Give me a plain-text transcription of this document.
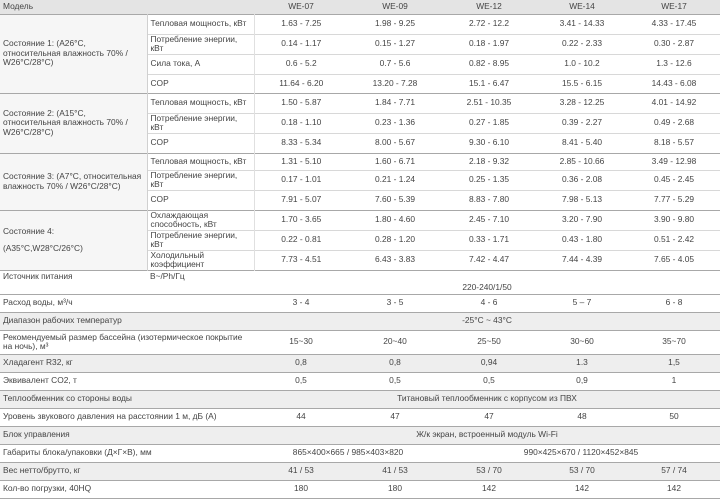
Модель		WE-07	WE-09	WE-12	WE-14	WE-17
Состояние 1: (A26°C, относительная влажность 70% / W26°C/28°C)	Тепловая мощность, кВт	1.63 - 7.25	1.98 - 9.25	2.72 - 12.2	3.41 - 14.33	4.33 - 17.45
	Потребление энергии, кВт	0.14 - 1.17	0.15 - 1.27	0.18 - 1.97	0.22 - 2.33	0.30 - 2.87
	Сила тока, А	0.6 - 5.2	0.7 - 5.6	0.82 - 8.95	1.0 - 10.2	1.3 - 12.6
	COP	11.64 - 6.20	13.20 - 7.28	15.1 - 6.47	15.5 - 6.15	14.43 - 6.08
Состояние 2: (A15°C, относительная влажность 70% / W26°C/28°C)	Тепловая мощность, кВт	1.50 - 5.87	1.84 - 7.71	2.51 - 10.35	3.28 - 12.25	4.01 - 14.92
	Потребление энергии, кВт	0.18 - 1.10	0.23 - 1.36	0.27 - 1.85	0.39 - 2.27	0.49 - 2.68
	COP	8.33 - 5.34	8.00 - 5.67	9.30 - 6.10	8.41 - 5.40	8.18 - 5.57
Состояние 3: (A7°C, относительная влажность 70% / W26°C/28°C)	Тепловая мощность, кВт	1.31 - 5.10	1.60 - 6.71	2.18 - 9.32	2.85 - 10.66	3.49 - 12.98
	Потребление энергии, кВт	0.17 - 1.01	0.21 - 1.24	0.25 - 1.35	0.36 - 2.08	0.45 - 2.45
	COP	7.91 - 5.07	7.60 - 5.39	8.83 - 7.80	7.98 - 5.13	7.77 - 5.29

Состояние 4:
(A35°C,W28°C/26°C)	Охлаждающая способность, кВт	1.70 - 3.65	1.80 - 4.60	2.45 - 7.10	3.20 - 7.90	3.90 - 9.80
	Потребление энергии, кВт	0.22 - 0.81	0.28 - 1.20	0.33 - 1.71	0.43 - 1.80	0.51 - 2.42
	Холодильный коэффициент	7.73 - 4.51	6.43 - 3.83	7.42 - 4.47	7.44 - 4.39	7.65 - 4.05
Источник питания	В~/Ph/Гц					
		220-240/1/50				
Расход воды, м³/ч		3 - 4	3 - 5	4 - 6	5 – 7	6 - 8
Диапазон рабочих температур		-25°C ~ 43°C				
Рекомендуемый размер бассейна (изотермическое покрытие на ночь), м³		15~30	20~40	25~50	30~60	35~70
Хладагент R32, кг		0,8	0,8	0,94	1.3	1,5
Эквивалент CO2, т		0,5	0,5	0,5	0,9	1
Теплообменник со стороны воды		Титановый теплообменник с корпусом из ПВХ				
Уровень звукового давления на расстоянии 1 м, дБ (А)		44	47	47	48	50
Блок управления		Ж/к экран, встроенный модуль Wi-Fi				
Габариты блока/упаковки (Д×Г×В), мм		865×400×665 / 985×403×820		990×425×670 / 1120×452×845		
Вес нетто/брутто, кг		41 / 53	41 / 53	53 / 70	53 / 70	57 / 74
Кол-во погрузки, 40HQ		180	180	142	142	142
